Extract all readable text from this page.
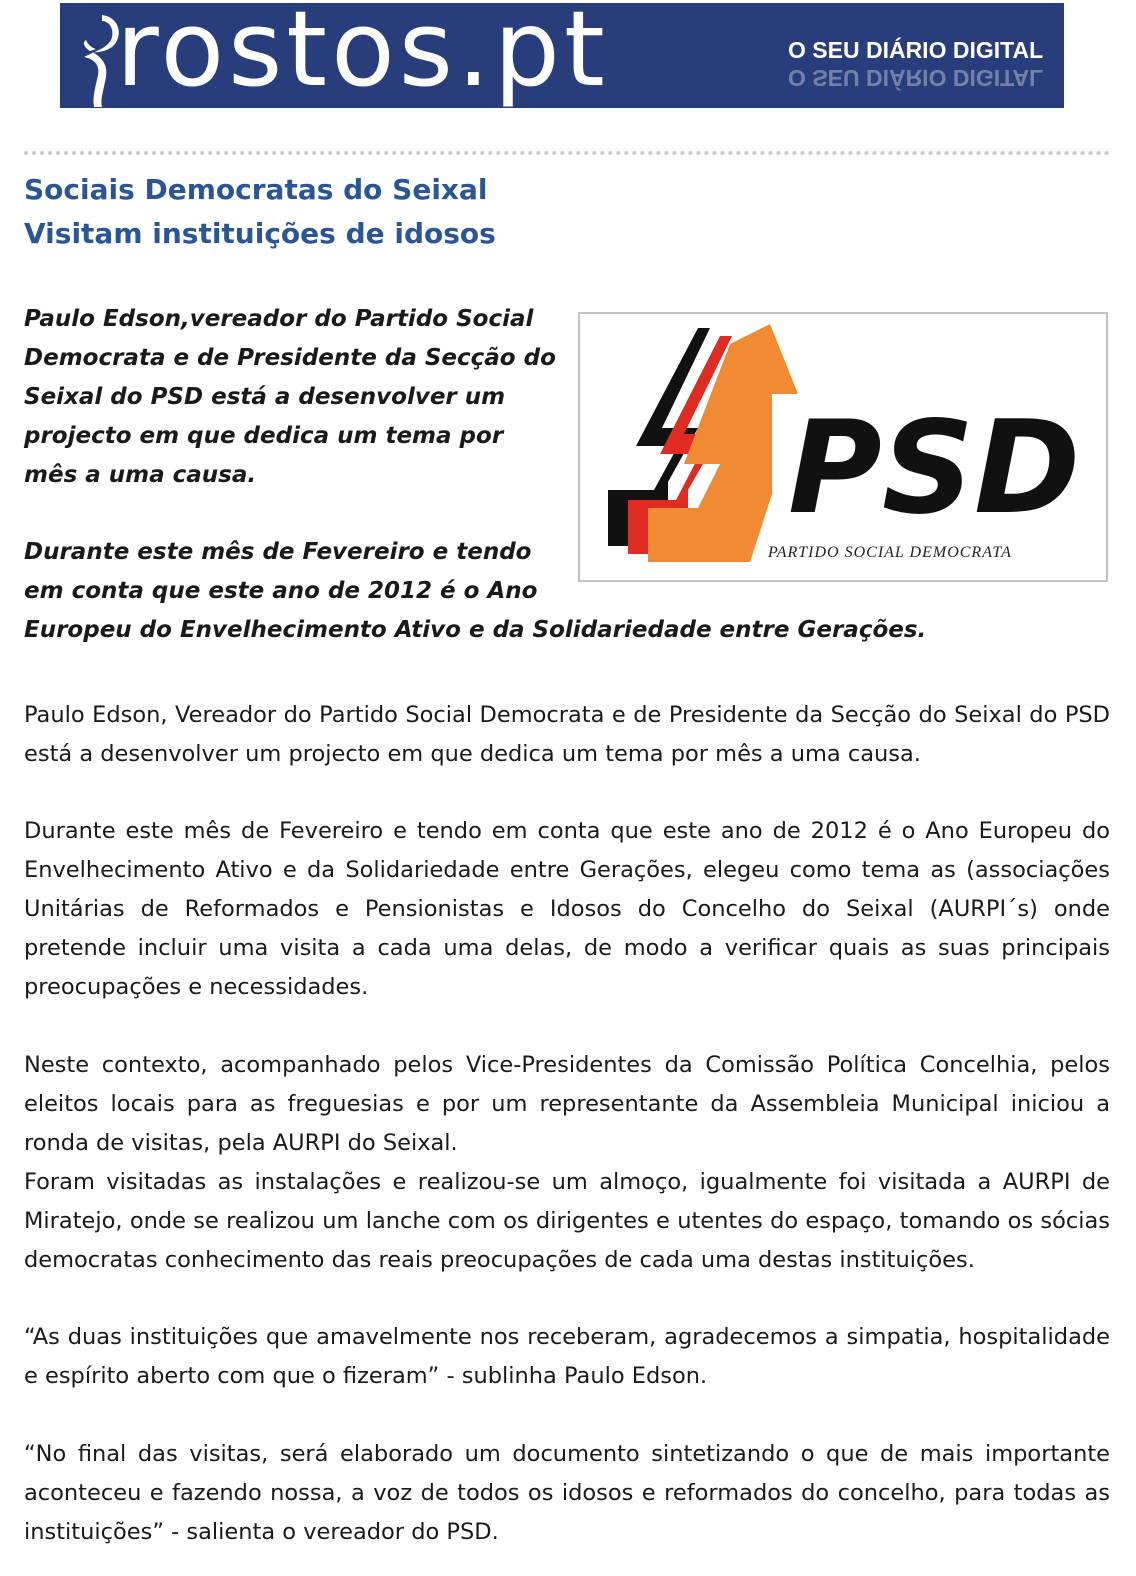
rostos.pt	O SEU DIÁRIO DIGITAL
O SEU DIÁRIO DIGITAL
Sociais Democratas do Seixal
Visitam instituições de idosos

Paulo Edson,vereador do Partido Social Democrata e de Presidente da Secção do Seixal do PSD está a desenvolver um projecto em que dedica um tema por mês a uma causa.	PSD
PARTIDO SOCIAL DEMOCRATA

Durante este mês de Fevereiro e tendo
em conta que este ano de 2012 é o Ano
Europeu do Envelhecimento Ativo e da Solidariedade entre Gerações.

Paulo Edson, Vereador do Partido Social Democrata e de Presidente da Secção do Seixal do PSD está a desenvolver um projecto em que dedica um tema por mês a uma causa.

Durante este mês de Fevereiro e tendo em conta que este ano de 2012 é o Ano Europeu do Envelhecimento Ativo e da Solidariedade entre Gerações, elegeu como tema as (associações Unitárias de Reformados e Pensionistas e Idosos do Concelho do Seixal (AURPI´s) onde pretende incluir uma visita a cada uma delas, de modo a verificar quais as suas principais preocupações e necessidades.

Neste contexto, acompanhado pelos Vice-Presidentes da Comissão Política Concelhia, pelos eleitos locais para as freguesias e por um representante da Assembleia Municipal iniciou a ronda de visitas, pela AURPI do Seixal.

Foram visitadas as instalações e realizou-se um almoço, igualmente foi visitada a AURPI de Miratejo, onde se realizou um lanche com os dirigentes e utentes do espaço, tomando os sócias democratas conhecimento das reais preocupações de cada uma destas instituições.

“As duas instituições que amavelmente nos receberam, agradecemos a simpatia, hospitalidade e espírito aberto com que o fizeram” - sublinha Paulo Edson.

“No final das visitas, será elaborado um documento sintetizando o que de mais importante aconteceu e fazendo nossa, a voz de todos os idosos e reformados do concelho, para todas as instituições” - salienta o vereador do PSD.
